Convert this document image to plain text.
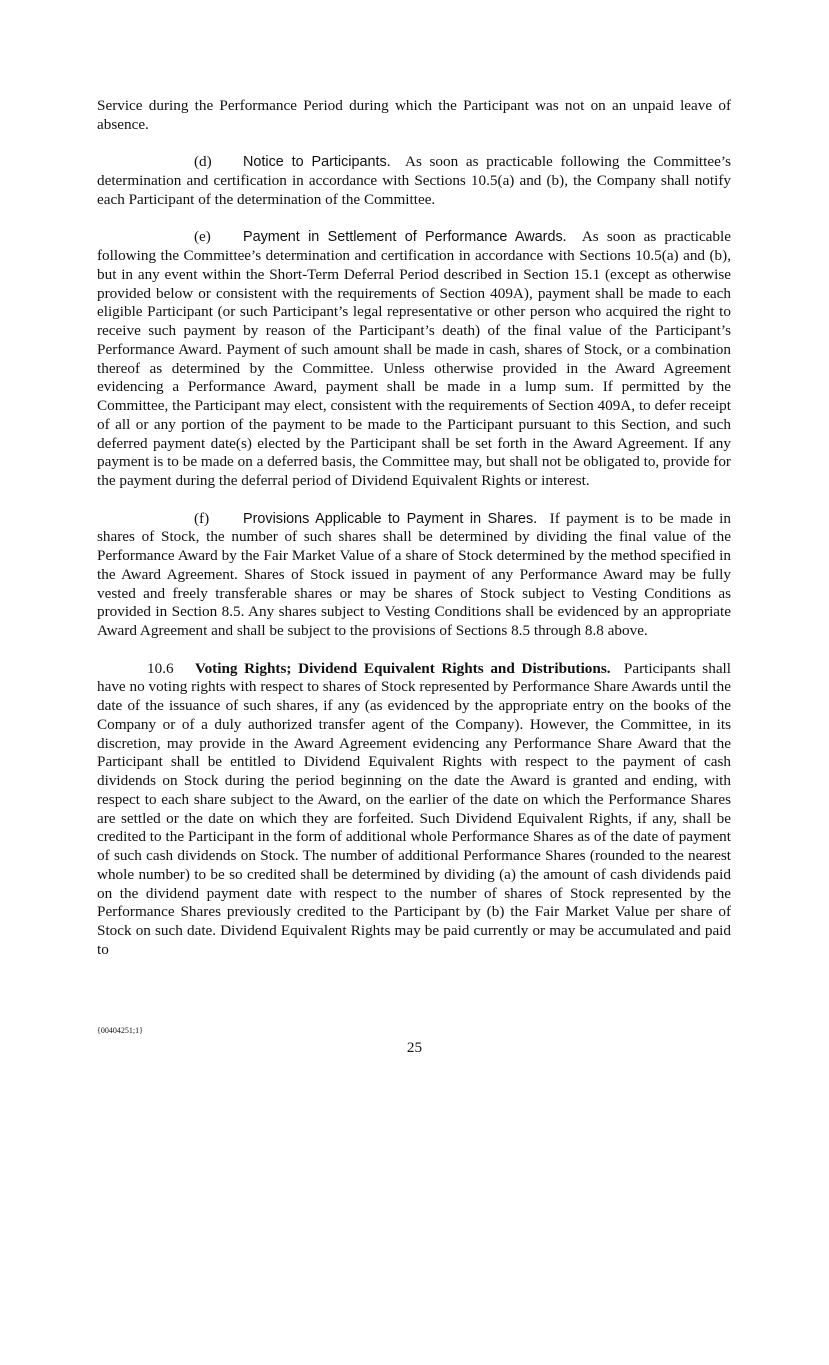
Service during the Performance Period during which the Participant was not on an unpaid leave of absence.

(d) Notice to Participants.  As soon as practicable following the Committee’s determination and certification in accordance with Sections 10.5(a) and (b), the Company shall notify each Participant of the determination of the Committee.

(e) Payment in Settlement of Performance Awards.  As soon as practicable following the Committee’s determination and certification in accordance with Sections 10.5(a) and (b), but in any event within the Short-Term Deferral Period described in Section 15.1 (except as otherwise provided below or consistent with the requirements of Section 409A), payment shall be made to each eligible Participant (or such Participant’s legal representative or other person who acquired the right to receive such payment by reason of the Participant’s death) of the final value of the Participant’s Performance Award. Payment of such amount shall be made in cash, shares of Stock, or a combination thereof as determined by the Committee. Unless otherwise provided in the Award Agreement evidencing a Performance Award, payment shall be made in a lump sum. If permitted by the Committee, the Participant may elect, consistent with the requirements of Section 409A, to defer receipt of all or any portion of the payment to be made to the Participant pursuant to this Section, and such deferred payment date(s) elected by the Participant shall be set forth in the Award Agreement. If any payment is to be made on a deferred basis, the Committee may, but shall not be obligated to, provide for the payment during the deferral period of Dividend Equivalent Rights or interest.

(f) Provisions Applicable to Payment in Shares.  If payment is to be made in shares of Stock, the number of such shares shall be determined by dividing the final value of the Performance Award by the Fair Market Value of a share of Stock determined by the method specified in the Award Agreement. Shares of Stock issued in payment of any Performance Award may be fully vested and freely transferable shares or may be shares of Stock subject to Vesting Conditions as provided in Section 8.5. Any shares subject to Vesting Conditions shall be evidenced by an appropriate Award Agreement and shall be subject to the provisions of Sections 8.5 through 8.8 above.

10.6 Voting Rights; Dividend Equivalent Rights and Distributions. Participants shall have no voting rights with respect to shares of Stock represented by Performance Share Awards until the date of the issuance of such shares, if any (as evidenced by the appropriate entry on the books of the Company or of a duly authorized transfer agent of the Company). However, the Committee, in its discretion, may provide in the Award Agreement evidencing any Performance Share Award that the Participant shall be entitled to Dividend Equivalent Rights with respect to the payment of cash dividends on Stock during the period beginning on the date the Award is granted and ending, with respect to each share subject to the Award, on the earlier of the date on which the Performance Shares are settled or the date on which they are forfeited. Such Dividend Equivalent Rights, if any, shall be credited to the Participant in the form of additional whole Performance Shares as of the date of payment of such cash dividends on Stock. The number of additional Performance Shares (rounded to the nearest whole number) to be so credited shall be determined by dividing (a) the amount of cash dividends paid on the dividend payment date with respect to the number of shares of Stock represented by the Performance Shares previously credited to the Participant by (b) the Fair Market Value per share of Stock on such date. Dividend Equivalent Rights may be paid currently or may be accumulated and paid to

{00404251;1}
25
